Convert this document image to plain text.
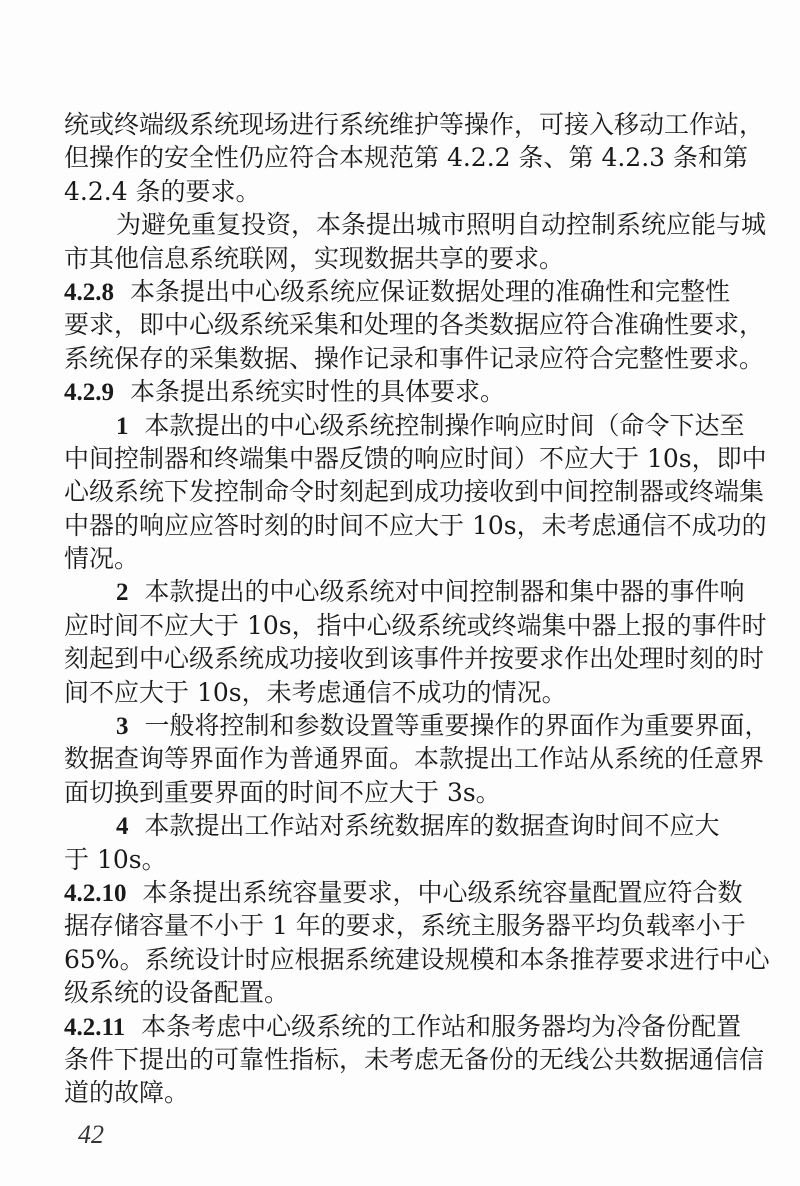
统或终端级系统现场进行系统维护等操作，可接入移动工作站，
但操作的安全性仍应符合本规范第 4.2.2 条、第 4.2.3 条和第
4.2.4 条的要求。
为避免重复投资，本条提出城市照明自动控制系统应能与城
市其他信息系统联网，实现数据共享的要求。
4.2.8 本条提出中心级系统应保证数据处理的准确性和完整性
要求，即中心级系统采集和处理的各类数据应符合准确性要求，
系统保存的采集数据、操作记录和事件记录应符合完整性要求。
4.2.9 本条提出系统实时性的具体要求。
1 本款提出的中心级系统控制操作响应时间（命令下达至
中间控制器和终端集中器反馈的响应时间）不应大于 10s，即中
心级系统下发控制命令时刻起到成功接收到中间控制器或终端集
中器的响应应答时刻的时间不应大于 10s，未考虑通信不成功的
情况。
2 本款提出的中心级系统对中间控制器和集中器的事件响
应时间不应大于 10s，指中心级系统或终端集中器上报的事件时
刻起到中心级系统成功接收到该事件并按要求作出处理时刻的时
间不应大于 10s，未考虑通信不成功的情况。
3 一般将控制和参数设置等重要操作的界面作为重要界面，
数据查询等界面作为普通界面。本款提出工作站从系统的任意界
面切换到重要界面的时间不应大于 3s。
4 本款提出工作站对系统数据库的数据查询时间不应大
于 10s。
4.2.10 本条提出系统容量要求，中心级系统容量配置应符合数
据存储容量不小于 1 年的要求，系统主服务器平均负载率小于
65%。系统设计时应根据系统建设规模和本条推荐要求进行中心
级系统的设备配置。
4.2.11 本条考虑中心级系统的工作站和服务器均为冷备份配置
条件下提出的可靠性指标，未考虑无备份的无线公共数据通信信
道的故障。
42
